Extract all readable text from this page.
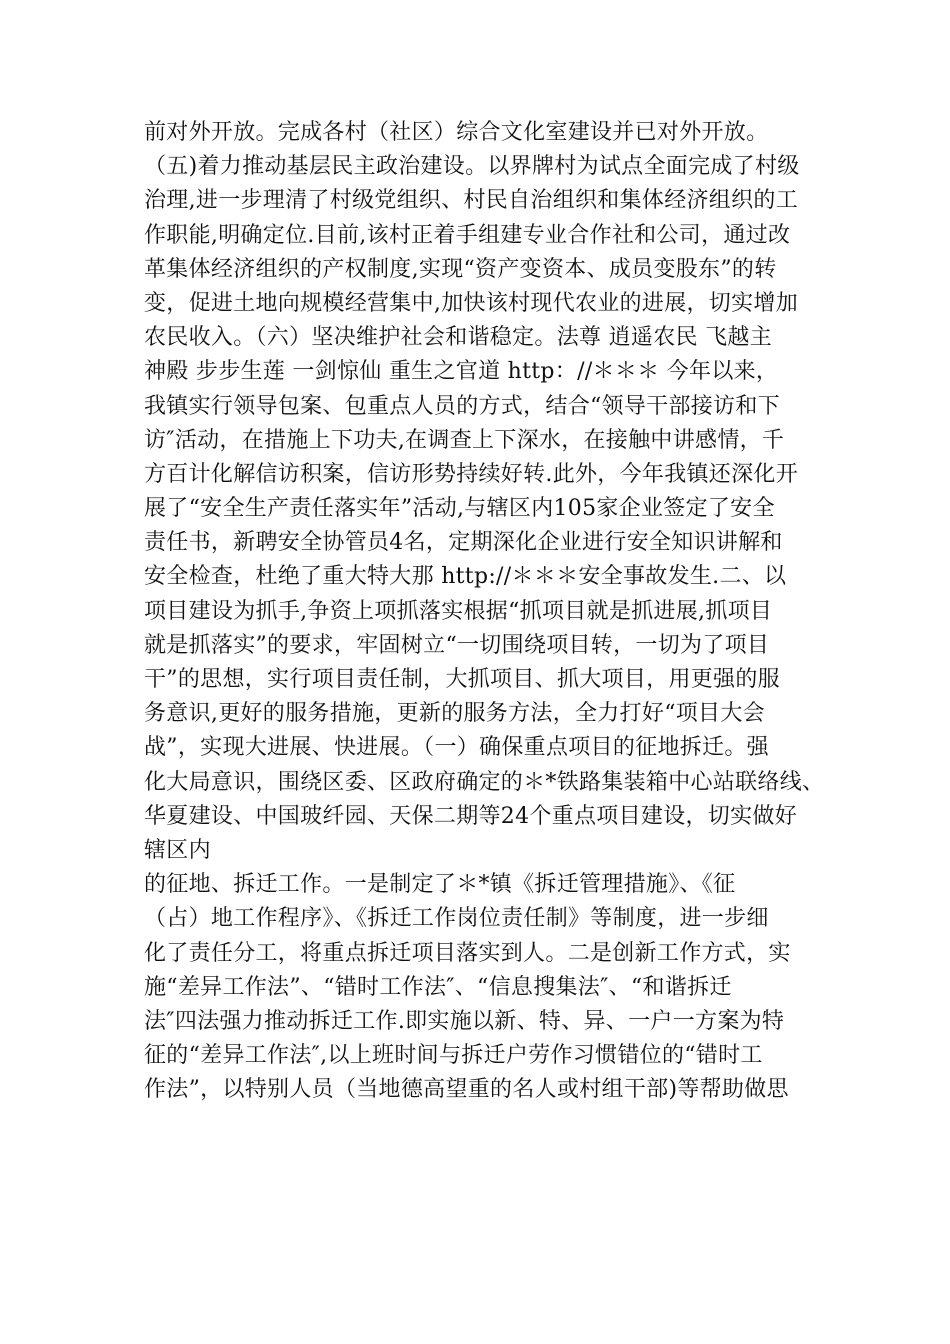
前对外开放。完成各村（社区）综合文化室建设并已对外开放。
（五)着力推动基层民主政治建设。以界牌村为试点全面完成了村级
治理,进一步理清了村级党组织、村民自治组织和集体经济组织的工
作职能,明确定位.目前,该村正着手组建专业合作社和公司，通过改
革集体经济组织的产权制度,实现“资产变资本、成员变股东”的转
变，促进土地向规模经营集中,加快该村现代农业的进展，切实增加
农民收入。（六）坚决维护社会和谐稳定。法尊 逍遥农民 飞越主
神殿 步步生莲 一剑惊仙 重生之官道 http：//＊＊＊ 今年以来，
我镇实行领导包案、包重点人员的方式，结合“领导干部接访和下
访″活动，在措施上下功夫,在调查上下深水，在接触中讲感情，千
方百计化解信访积案，信访形势持续好转.此外，今年我镇还深化开
展了“安全生产责任落实年”活动,与辖区内105家企业签定了安全
责任书，新聘安全协管员4名，定期深化企业进行安全知识讲解和
安全检查，杜绝了重大特大那 http://＊＊＊安全事故发生.二、以
项目建设为抓手,争资上项抓落实根据“抓项目就是抓进展,抓项目
就是抓落实”的要求，牢固树立“一切围绕项目转，一切为了项目
干”的思想，实行项目责任制，大抓项目、抓大项目，用更强的服
务意识,更好的服务措施，更新的服务方法，全力打好“项目大会
战”，实现大进展、快进展。（一）确保重点项目的征地拆迁。强
化大局意识，围绕区委、区政府确定的＊*铁路集装箱中心站联络线、
华夏建设、中国玻纤园、天保二期等24个重点项目建设，切实做好
辖区内
的征地、拆迁工作。一是制定了＊*镇《拆迁管理措施》、《征
（占）地工作程序》、《拆迁工作岗位责任制》等制度，进一步细
化了责任分工，将重点拆迁项目落实到人。二是创新工作方式，实
施“差异工作法”、“错时工作法″、“信息搜集法″、“和谐拆迁
法″四法强力推动拆迁工作.即实施以新、特、异、一户一方案为特
征的“差异工作法″,以上班时间与拆迁户劳作习惯错位的“错时工
作法”，以特别人员（当地德高望重的名人或村组干部)等帮助做思
